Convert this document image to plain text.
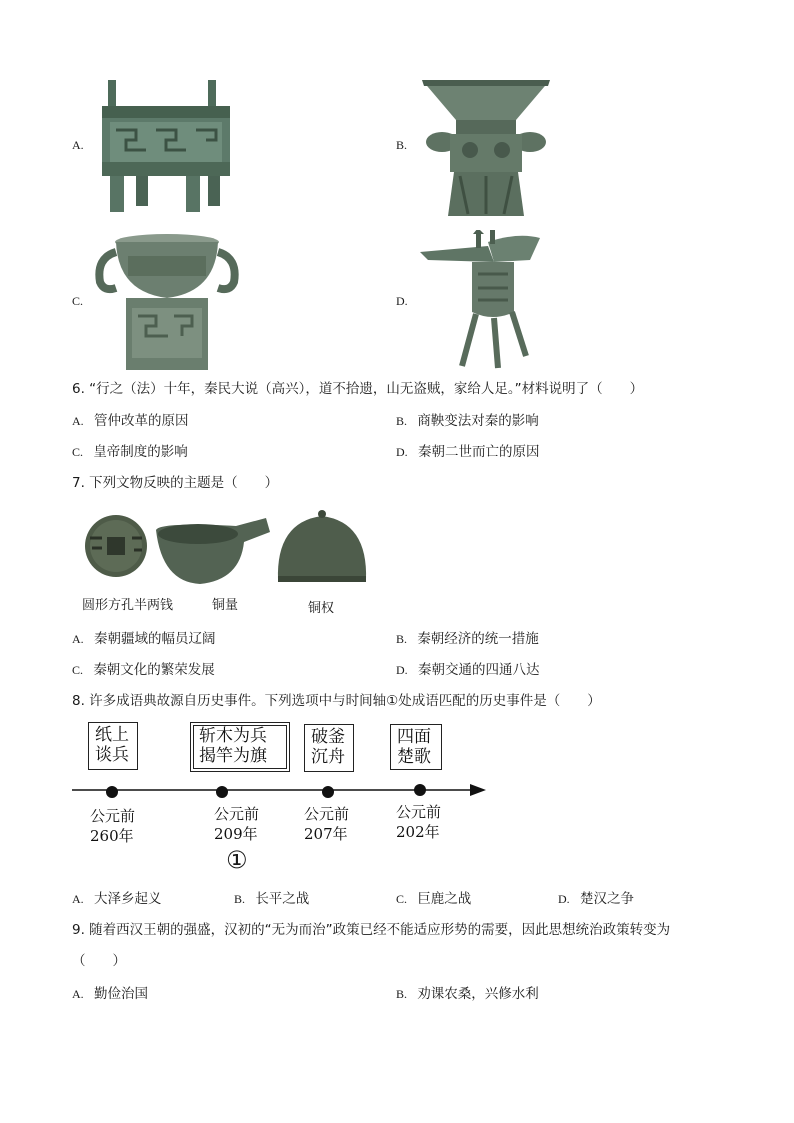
A.	B.
C.	D.
6. “行之（法）十年，秦民大说（高兴），道不拾遗，山无盗贼，家给人足。”材料说明了（　　）
A. 管仲改革的原因	B. 商鞅变法对秦的影响
C. 皇帝制度的影响	D. 秦朝二世而亡的原因
7. 下列文物反映的主题是（　　）
圆形方孔半两钱	铜量	铜权
A. 秦朝疆域的幅员辽阔	B. 秦朝经济的统一措施
C. 秦朝文化的繁荣发展	D. 秦朝交通的四通八达
8. 许多成语典故源自历史事件。下列选项中与时间轴①处成语匹配的历史事件是（　　）
纸上
谈兵
斩木为兵
揭竿为旗
破釜
沉舟
四面
楚歌
公元前
260年
公元前
209年
公元前
207年
公元前
202年
①
A. 大泽乡起义	B. 长平之战	C. 巨鹿之战	D. 楚汉之争
9. 随着西汉王朝的强盛，汉初的“无为而治”政策已经不能适应形势的需要，因此思想统治政策转变为
（　　）
A. 勤俭治国	B. 劝课农桑，兴修水利
